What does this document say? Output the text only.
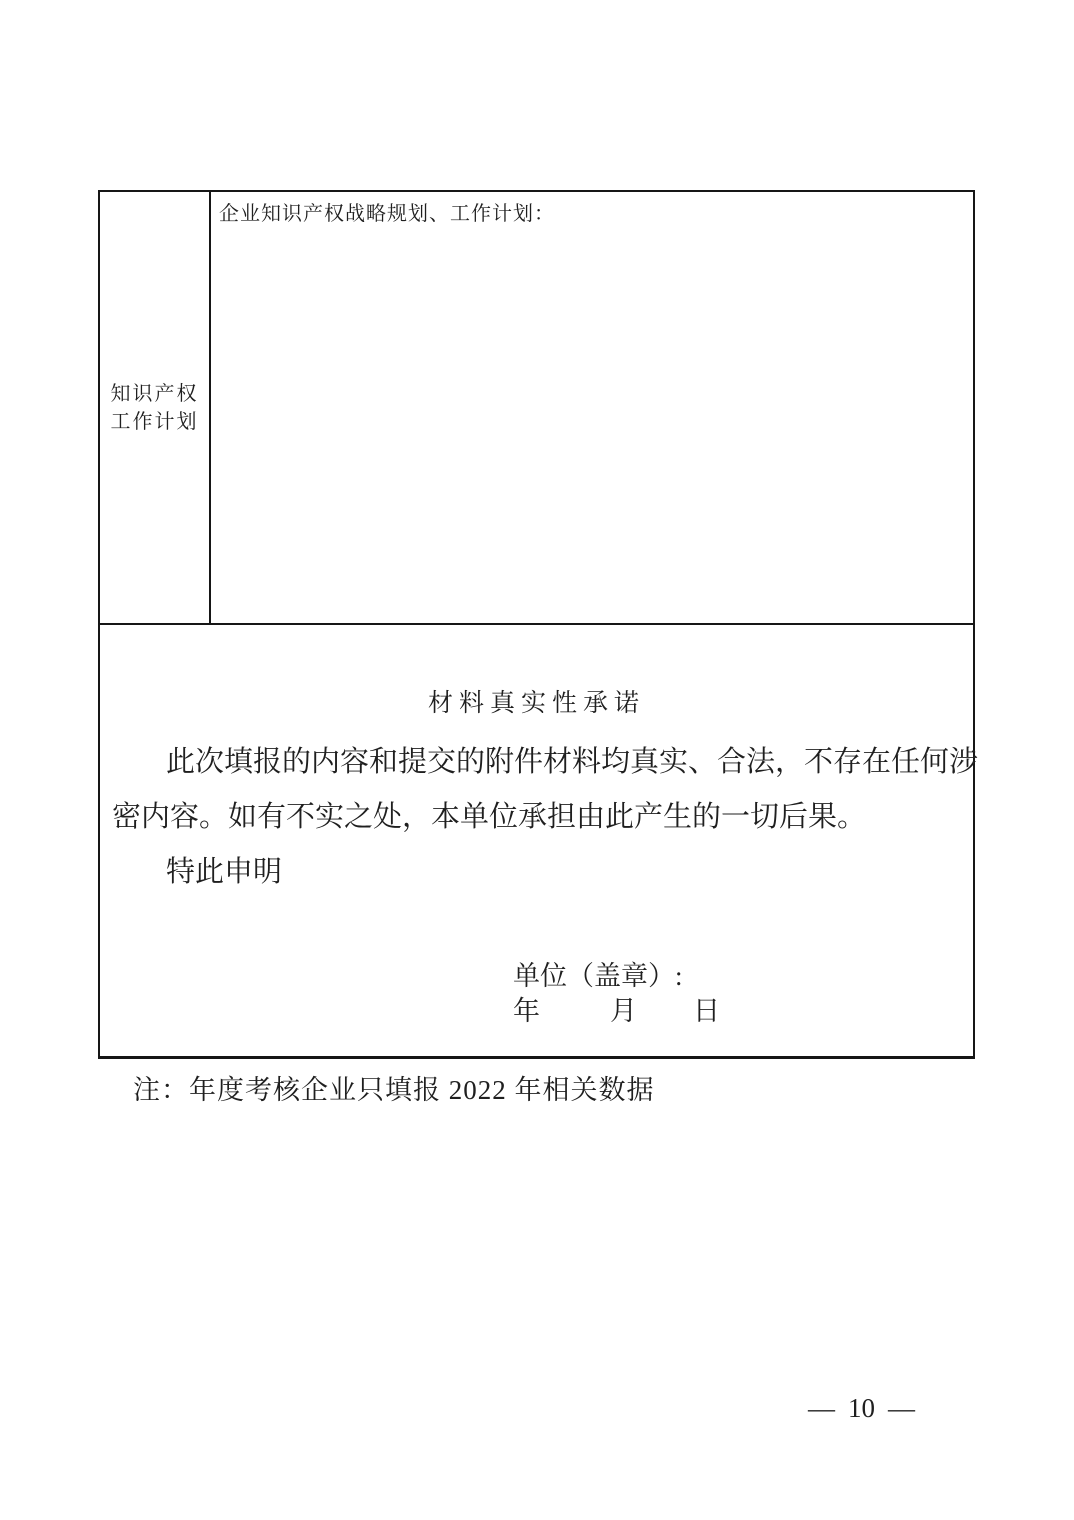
知识产权
工作计划
企业知识产权战略规划、工作计划：
材料真实性承诺
此次填报的内容和提交的附件材料均真实、合法，不存在任何涉
密内容。如有不实之处，本单位承担由此产生的一切后果。
特此申明
单位（盖章）:
年	月 日
注：年度考核企业只填报 2022 年相关数据
— 10 —
